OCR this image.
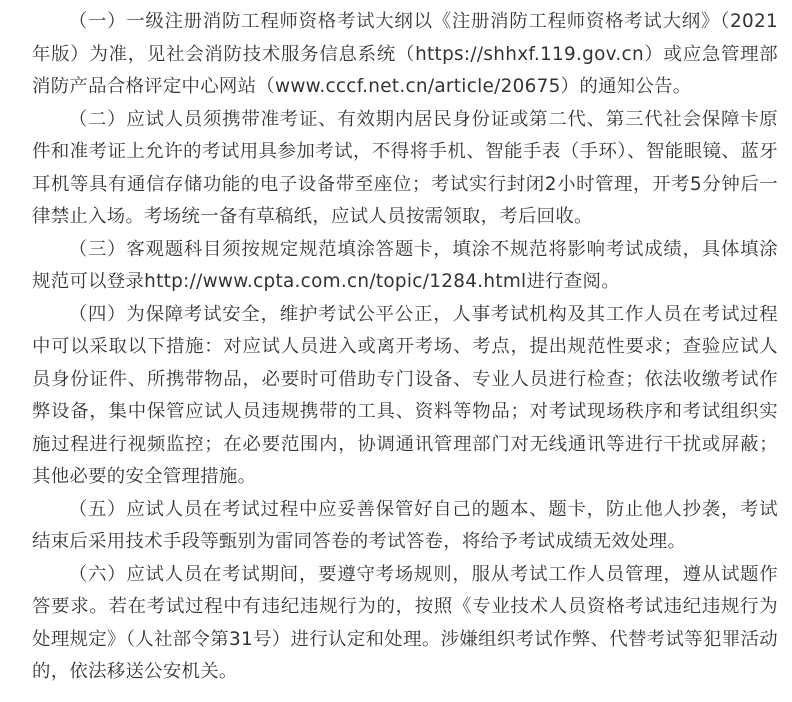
（一）一级注册消防工程师资格考试大纲以《注册消防工程师资格考试大纲》（2021年版）为准，见社会消防技术服务信息系统（https://shhxf.119.gov.cn）或应急管理部消防产品合格评定中心网站（www.cccf.net.cn/article/20675）的通知公告。

（二）应试人员须携带准考证、有效期内居民身份证或第二代、第三代社会保障卡原件和准考证上允许的考试用具参加考试，不得将手机、智能手表（手环）、智能眼镜、蓝牙耳机等具有通信存储功能的电子设备带至座位；考试实行封闭2小时管理，开考5分钟后一律禁止入场。考场统一备有草稿纸，应试人员按需领取，考后回收。

（三）客观题科目须按规定规范填涂答题卡，填涂不规范将影响考试成绩，具体填涂规范可以登录http://www.cpta.com.cn/topic/1284.html进行查阅。

（四）为保障考试安全，维护考试公平公正，人事考试机构及其工作人员在考试过程中可以采取以下措施：对应试人员进入或离开考场、考点，提出规范性要求；查验应试人员身份证件、所携带物品，必要时可借助专门设备、专业人员进行检查；依法收缴考试作弊设备，集中保管应试人员违规携带的工具、资料等物品；对考试现场秩序和考试组织实施过程进行视频监控；在必要范围内，协调通讯管理部门对无线通讯等进行干扰或屏蔽；其他必要的安全管理措施。

（五）应试人员在考试过程中应妥善保管好自己的题本、题卡，防止他人抄袭，考试结束后采用技术手段等甄别为雷同答卷的考试答卷，将给予考试成绩无效处理。

（六）应试人员在考试期间，要遵守考场规则，服从考试工作人员管理，遵从试题作答要求。若在考试过程中有违纪违规行为的，按照《专业技术人员资格考试违纪违规行为处理规定》（人社部令第31号）进行认定和处理。涉嫌组织考试作弊、代替考试等犯罪活动的，依法移送公安机关。
